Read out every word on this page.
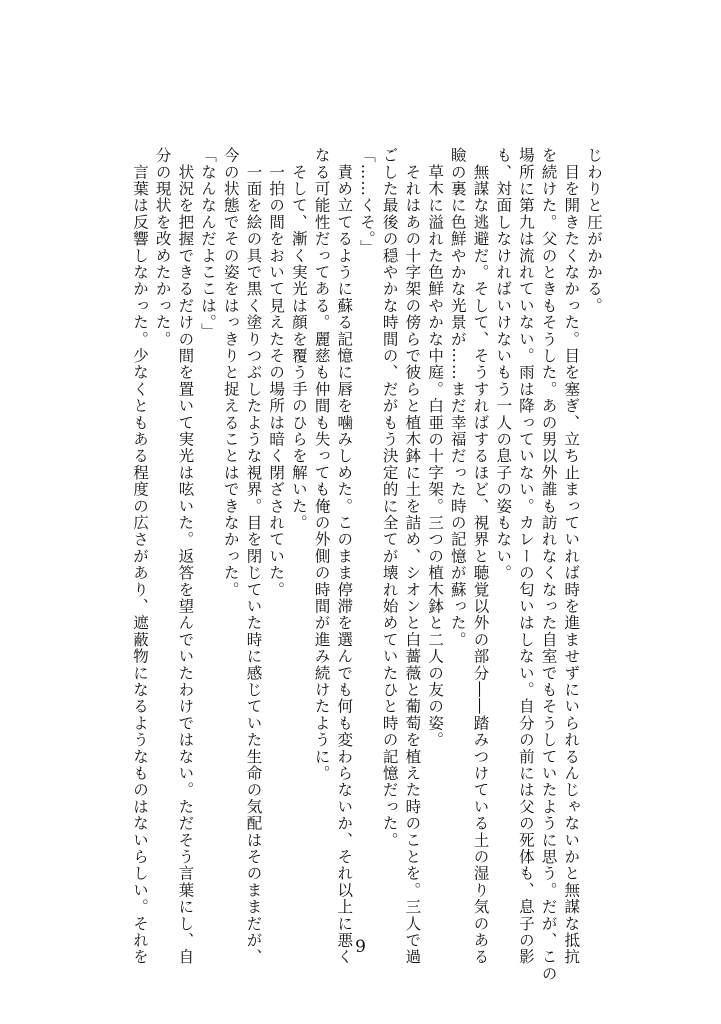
じわりと圧がかかる。
　目を開きたくなかった。目を塞ぎ、立ち止まっていれば時を進ませずにいられるんじゃないかと無謀な抵抗
を続けた。父のときもそうした。あの男以外誰も訪れなくなった自室でもそうしていたように思う。だが、この
場所に第九は流れていない。雨は降っていない。カレーの匂いはしない。自分の前には父の死体も、息子の影
も、対面しなければいけないもう一人の息子の姿もない。
　無謀な逃避だ。そして、そうすればするほど、視界と聴覚以外の部分――踏みつけている土の湿り気のある
瞼の裏に色鮮やかな光景が……まだ幸福だった時の記憶が蘇った。
　草木に溢れた色鮮やかな中庭。白亜の十字架。三つの植木鉢と二人の友の姿。
　それはあの十字架の傍らで彼らと植木鉢に土を詰め、シオンと白薔薇と葡萄を植えた時のことを。三人で過
ごした最後の穏やかな時間の、だがもう決定的に全てが壊れ始めていたひと時の記憶だった。
「……くそ。」
　責め立てるように蘇る記憶に唇を噛みしめた。このまま停滞を選んでも何も変わらないか、それ以上に悪く
なる可能性だってある。麗慈も仲間も失っても俺の外側の時間が進み続けたように。
　そして、漸く実光は顔を覆う手のひらを解いた。
　一拍の間をおいて見えたその場所は暗く閉ざされていた。
　一面を絵の具で黒く塗りつぶしたような視界。目を閉じていた時に感じていた生命の気配はそのままだが、
今の状態でその姿をはっきりと捉えることはできなかった。
「なんなんだよここは。」
　状況を把握できるだけの間を置いて実光は呟いた。返答を望んでいたわけではない。ただそう言葉にし、自
分の現状を改めたかった。
　言葉は反響しなかった。少なくともある程度の広さがあり、遮蔽物になるようなものはないらしい。それを	9
